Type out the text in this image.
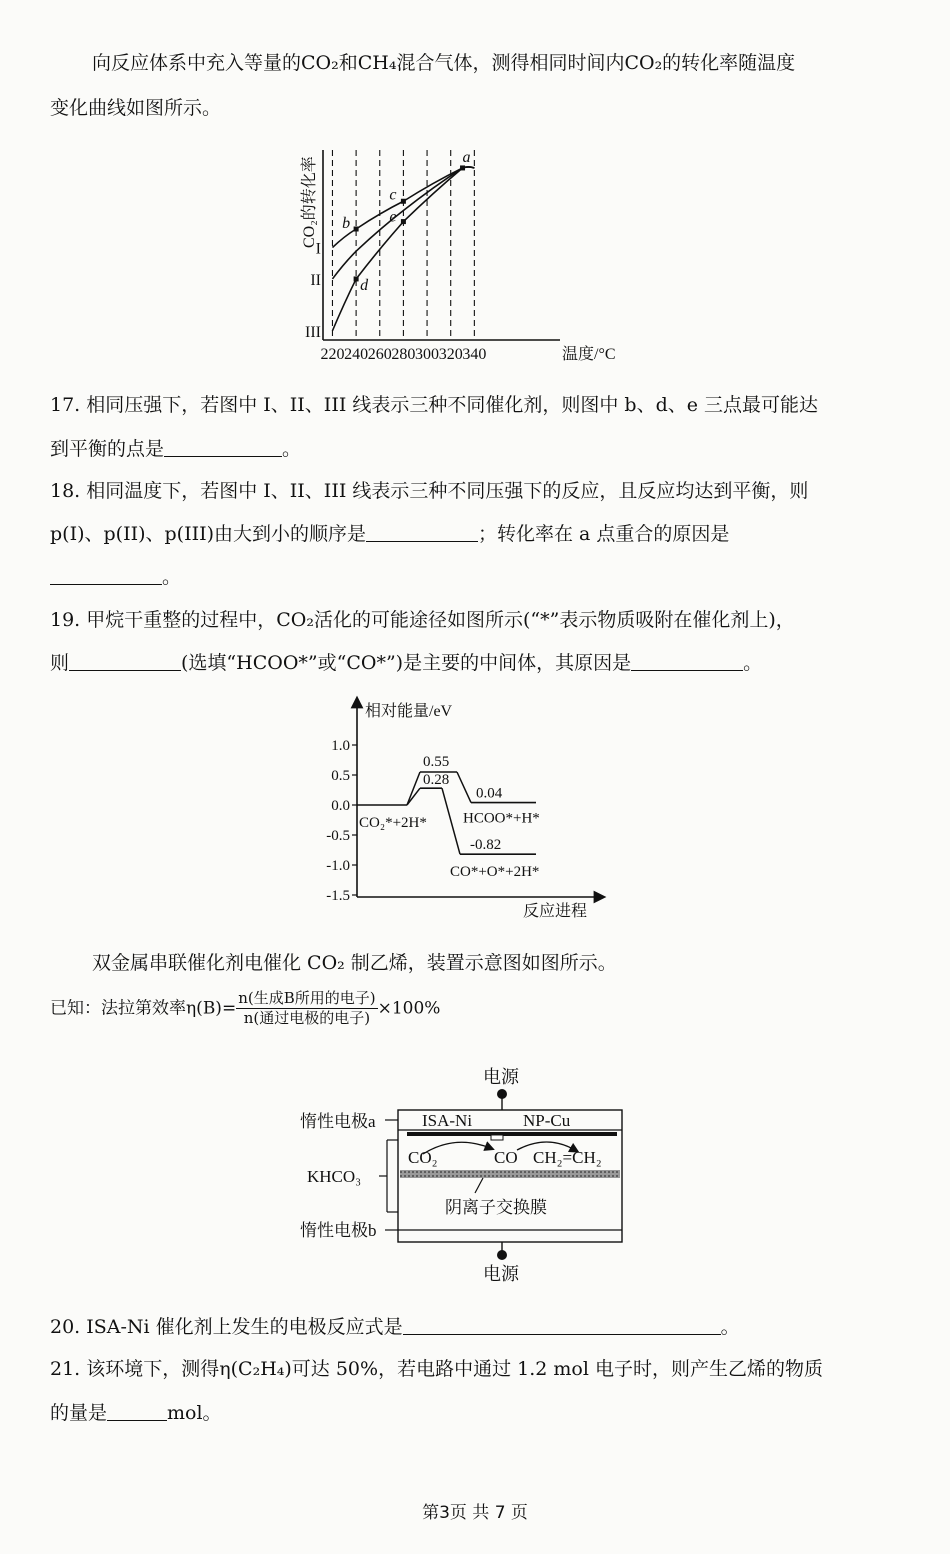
向反应体系中充入等量的CO₂和CH₄混合气体，测得相同时间内CO₂的转化率随温度
变化曲线如图所示。
a
b
c
d
e
I
II
III
220 240 260 280 300 320 340
CO₂的转化率
温度/°C
17. 相同压强下，若图中 I、II、III 线表示三种不同催化剂，则图中 b、d、e 三点最可能达
到平衡的点是	。
18. 相同温度下，若图中 I、II、III 线表示三种不同压强下的反应，且反应均达到平衡，则
p(I)、p(II)、p(III)由大到小的顺序是	；转化率在 a 点重合的原因是
。
19. 甲烷干重整的过程中，CO₂活化的可能途径如图所示(“*”表示物质吸附在催化剂上)，
则	(选填“HCOO*”或“CO*”)是主要的中间体，其原因是	。
1.0
0.5
0.0
-0.5
-1.0
-1.5
0.55
0.28
0.04
-0.82
CO₂*+2H* HCOO*+H*
CO*+O*+2H*
相对能量/eV
反应进程
双金属串联催化剂电催化 CO₂ 制乙烯，装置示意图如图所示。
已知：法拉第效率$\eta(B)= \frac{\text{n(生成B所用的电子)}}{\text{n(通过电极的电子)}} \times 100\%$
电源
惰性电极a	ISA-Ni	NP-Cu
CO₂	CO CH₂=CH₂
阴离子交换膜
KHCO₃
惰性电极b
电源
20. ISA-Ni 催化剂上发生的电极反应式是	。
21. 该环境下，测得η(C₂H₄)可达 50%，若电路中通过 1.2 mol 电子时，则产生乙烯的物质
的量是	mol。
第3页 共 7 页
